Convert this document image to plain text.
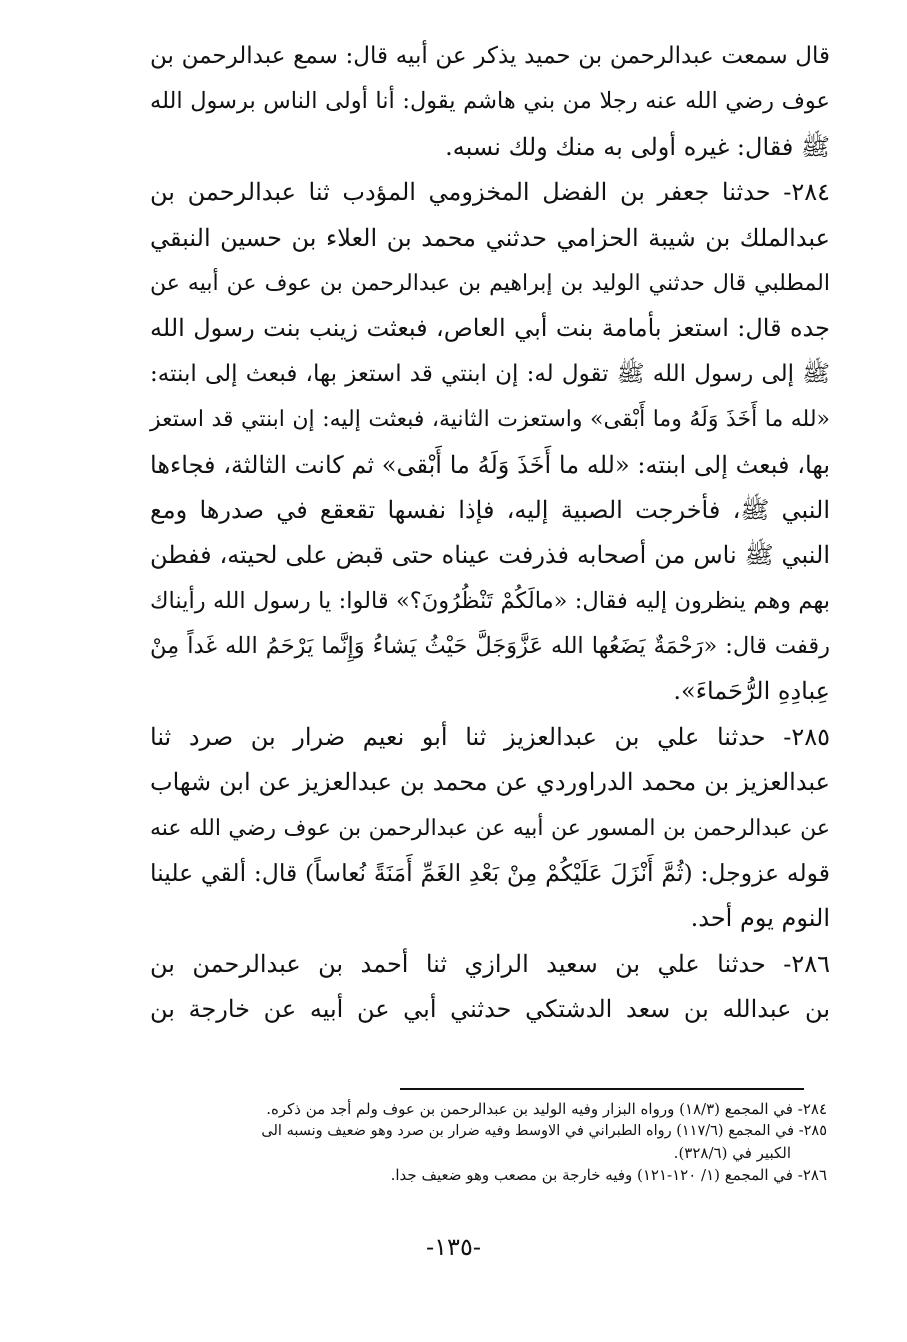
قال سمعت عبدالرحمن بن حميد يذكر عن أبيه قال: سمع عبدالرحمن بن
عوف رضي الله عنه رجلا من بني هاشم يقول: أنا أولى الناس برسول الله
ﷺ فقال: غيره أولى به منك ولك نسبه.
٢٨٤- حدثنا جعفر بن الفضل المخزومي المؤدب ثنا عبدالرحمن بن
عبدالملك بن شيبة الحزامي حدثني محمد بن العلاء بن حسين النبقي
المطلبي قال حدثني الوليد بن إبراهيم بن عبدالرحمن بن عوف عن أبيه عن
جده قال: استعز بأمامة بنت أبي العاص، فبعثت زينب بنت رسول الله
ﷺ إلى رسول الله ﷺ تقول له: إن ابنتي قد استعز بها، فبعث إلى ابنته:
«لله ما أَخَذَ وَلَهُ وما أَبْقى» واستعزت الثانية، فبعثت إليه: إن ابنتي قد استعز
بها، فبعث إلى ابنته: «لله ما أَخَذَ وَلَهُ ما أَبْقى» ثم كانت الثالثة، فجاءها
النبي ﷺ، فأخرجت الصبية إليه، فإذا نفسها تقعقع في صدرها ومع
النبي ﷺ ناس من أصحابه فذرفت عيناه حتى قبض على لحيته، ففطن
بهم وهم ينظرون إليه فقال: «مالَكُمْ تَنْظُرُونَ؟» قالوا: يا رسول الله رأيناك
رقفت قال: «رَحْمَةٌ يَضَعُها الله عَزَّوَجَلَّ حَيْثُ يَشاءُ وَإِنَّما يَرْحَمُ الله غَداً مِنْ
عِبادِهِ الرُّحَماءَ».
٢٨٥- حدثنا علي بن عبدالعزيز ثنا أبو نعيم ضرار بن صرد ثنا
عبدالعزيز بن محمد الدراوردي عن محمد بن عبدالعزيز عن ابن شهاب
عن عبدالرحمن بن المسور عن أبيه عن عبدالرحمن بن عوف رضي الله عنه
قوله عزوجل: (ثُمَّ أَنْزَلَ عَلَيْكُمْ مِنْ بَعْدِ الغَمِّ أَمَنَةً نُعاساً) قال: ألقي علينا
النوم يوم أحد.
٢٨٦- حدثنا علي بن سعيد الرازي ثنا أحمد بن عبدالرحمن بن
بن عبدالله بن سعد الدشتكي حدثني أبي عن أبيه عن خارجة بن
٢٨٤- في المجمع (١٨/٣) ورواه البزار وفيه الوليد بن عبدالرحمن بن عوف ولم أجد من ذكره.
٢٨٥- في المجمع (١١٧/٦) رواه الطبراني في الاوسط وفيه ضرار بن صرد وهو ضعيف ونسبه الى
الكبير في (٣٢٨/٦).
٢٨٦- في المجمع (١/ ١٢٠-١٢١) وفيه خارجة بن مصعب وهو ضعيف جدا.
-١٣٥-
